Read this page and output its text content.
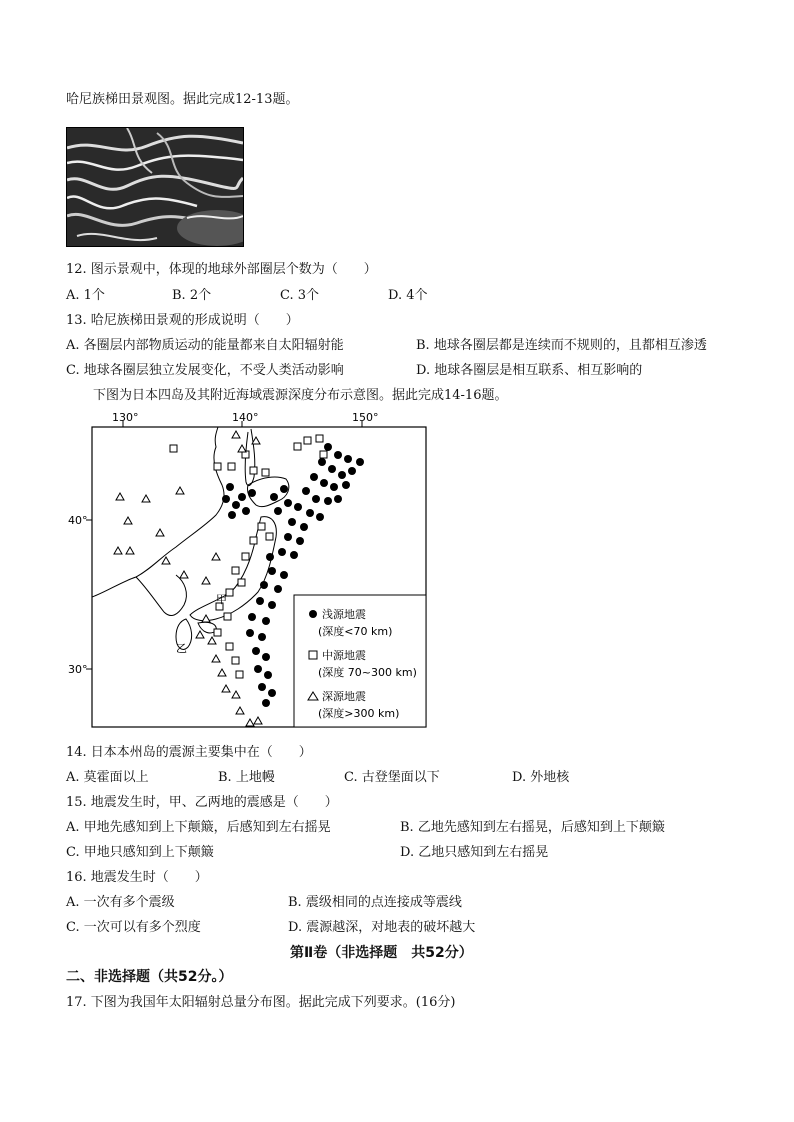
哈尼族梯田景观图。据此完成12-13题。
12. 图示景观中，体现的地球外部圈层个数为（　　）
A. 1个	B. 2个	C. 3个	D. 4个
13. 哈尼族梯田景观的形成说明（　　）
A. 各圈层内部物质运动的能量都来自太阳辐射能	B. 地球各圈层都是连续而不规则的，且都相互渗透
C. 地球各圈层独立发展变化，不受人类活动影响	D. 地球各圈层是相互联系、相互影响的
下图为日本四岛及其附近海域震源深度分布示意图。据此完成14-16题。
130°	140°	150°
40°
30°
甲
乙
浅源地震
(深度<70 km)
中源地震
(深度 70~300 km)
深源地震
(深度>300 km)
14. 日本本州岛的震源主要集中在（　　）
A. 莫霍面以上	B. 上地幔	C. 古登堡面以下	D. 外地核
15. 地震发生时，甲、乙两地的震感是（　　）
A. 甲地先感知到上下颠簸，后感知到左右摇晃	B. 乙地先感知到左右摇晃，后感知到上下颠簸
C. 甲地只感知到上下颠簸	D. 乙地只感知到左右摇晃
16. 地震发生时（　　）
A. 一次有多个震级	B. 震级相同的点连接成等震线
C. 一次可以有多个烈度	D. 震源越深，对地表的破坏越大
第Ⅱ卷（非选择题　共52分）
二、非选择题（共52分。）
17. 下图为我国年太阳辐射总量分布图。据此完成下列要求。(16分)
